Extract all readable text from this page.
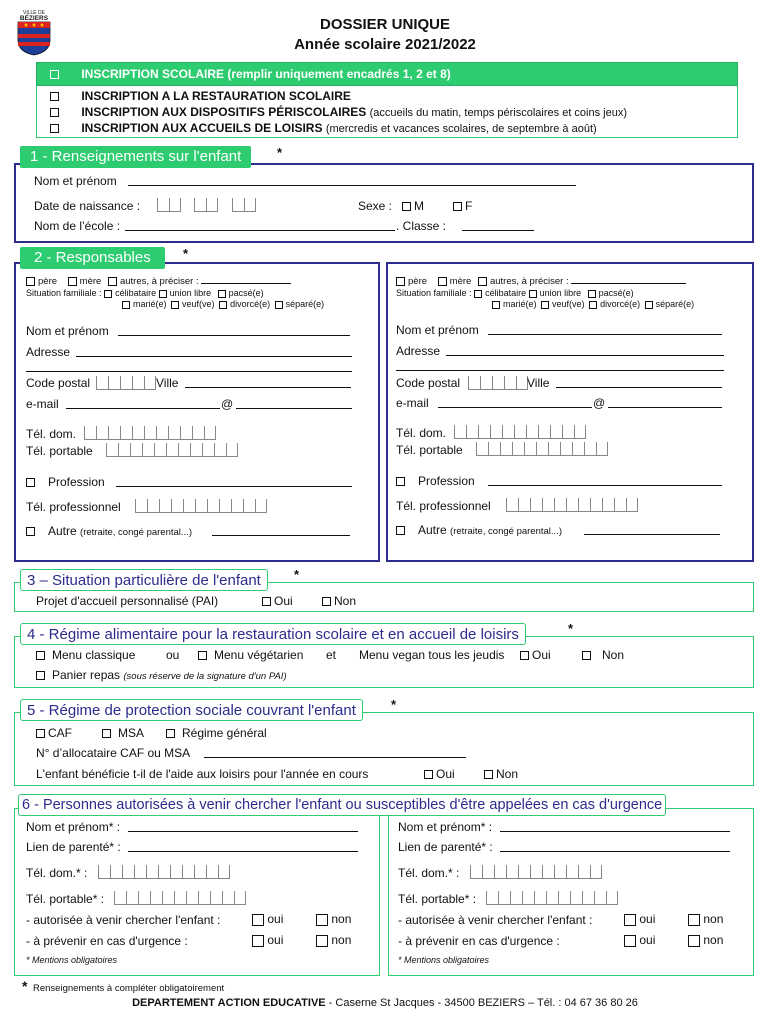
VILLE DE
BÉZIERS	DOSSIER UNIQUE
Année scolaire 2021/2022
INSCRIPTION SCOLAIRE (remplir uniquement encadrés 1, 2 et 8)
INSCRIPTION A LA RESTAURATION SCOLAIRE
INSCRIPTION AUX DISPOSITIFS PÉRISCOLAIRES (accueils du matin, temps périscolaires et coins jeux)
INSCRIPTION AUX ACCUEILS DE LOISIRS (mercredis et vacances scolaires, de septembre à août)
1 - Renseignements sur l'enfant	*
Nom et prénom
Date de naissance :
	Sexe :	M	F
Nom de l’école :	. Classe :
2 - Responsables	*
père mère autres, à préciser :
Situation familiale : célibataire union libre pacsé(e)
marié(e) veuf(ve) divorcé(e) séparé(e)
Nom et prénom
Adresse
Code postal	Ville
e-mail	@
Tél. dom.
Tél. portable
Profession
Tél. professionnel
Autre (retraite, congé parental...)
père mère autres, à préciser :
Situation familiale : célibataire union libre pacsé(e)
marié(e) veuf(ve) divorcé(e) séparé(e)
Nom et prénom
Adresse
Code postal	Ville
e-mail	@
Tél. dom.
Tél. portable
Profession
Tél. professionnel
Autre (retraite, congé parental...)
3 – Situation particulière de l'enfant	*
Projet d'accueil personnalisé (PAI)	Oui	Non
4 - Régime alimentaire pour la restauration scolaire et en accueil de loisirs	*
Menu classique	ou	Menu végétarien et Menu vegan tous les jeudis	Oui	Non
Panier repas (sous réserve de la signature d'un PAI)
5 - Régime de protection sociale couvrant l'enfant	*
CAF	MSA	Régime général
N° d’allocataire CAF ou MSA
L'enfant bénéficie t-il de l'aide aux loisirs pour l'année en cours	Oui	Non
6 - Personnes autorisées à venir chercher l'enfant ou susceptibles d'être appelées en cas d'urgence
Nom et prénom* :
Lien de parenté* :
Tél. dom.* :
Tél. portable* :
- autorisée à venir chercher l'enfant :	oui	non
- à prévenir en cas d'urgence :	oui	non
* Mentions obligatoires
Nom et prénom* :
Lien de parenté* :
Tél. dom.* :
Tél. portable* :
- autorisée à venir chercher l'enfant :	oui	non
- à prévenir en cas d'urgence :	oui	non
* Mentions obligatoires
* Renseignements à compléter obligatoirement
DEPARTEMENT ACTION EDUCATIVE - Caserne St Jacques - 34500 BEZIERS – Tél. : 04 67 36 80 26
